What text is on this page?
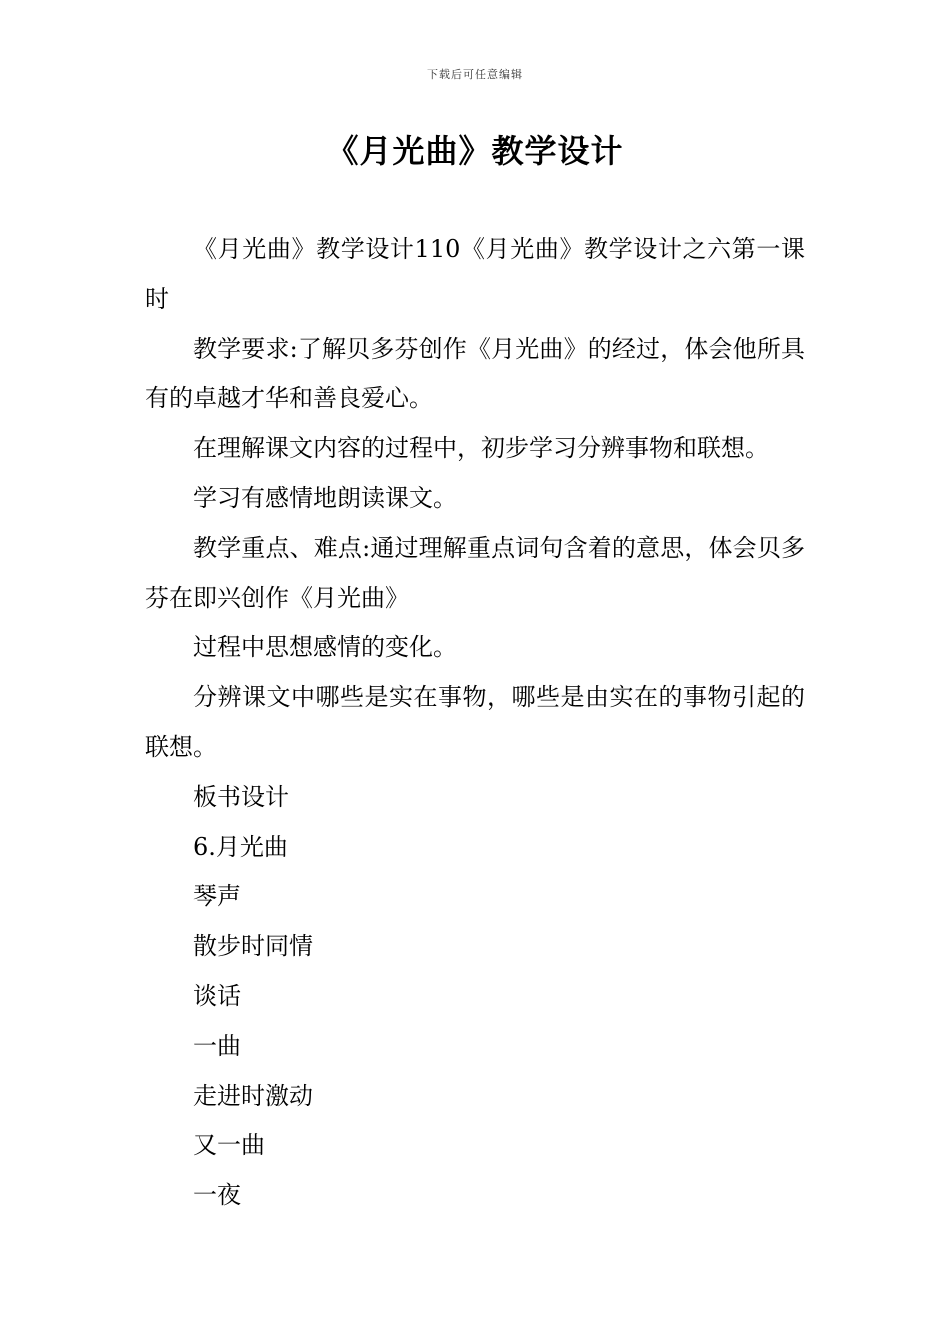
下载后可任意编辑
《月光曲》教学设计

《月光曲》教学设计110《月光曲》教学设计之六第一课时

教学要求:了解贝多芬创作《月光曲》的经过，体会他所具有的卓越才华和善良爱心。

在理解课文内容的过程中，初步学习分辨事物和联想。

学习有感情地朗读课文。

教学重点、难点:通过理解重点词句含着的意思，体会贝多芬在即兴创作《月光曲》

过程中思想感情的变化。

分辨课文中哪些是实在事物，哪些是由实在的事物引起的联想。

板书设计

6.月光曲

琴声

散步时同情

谈话

一曲

走进时激动

又一曲

一夜
